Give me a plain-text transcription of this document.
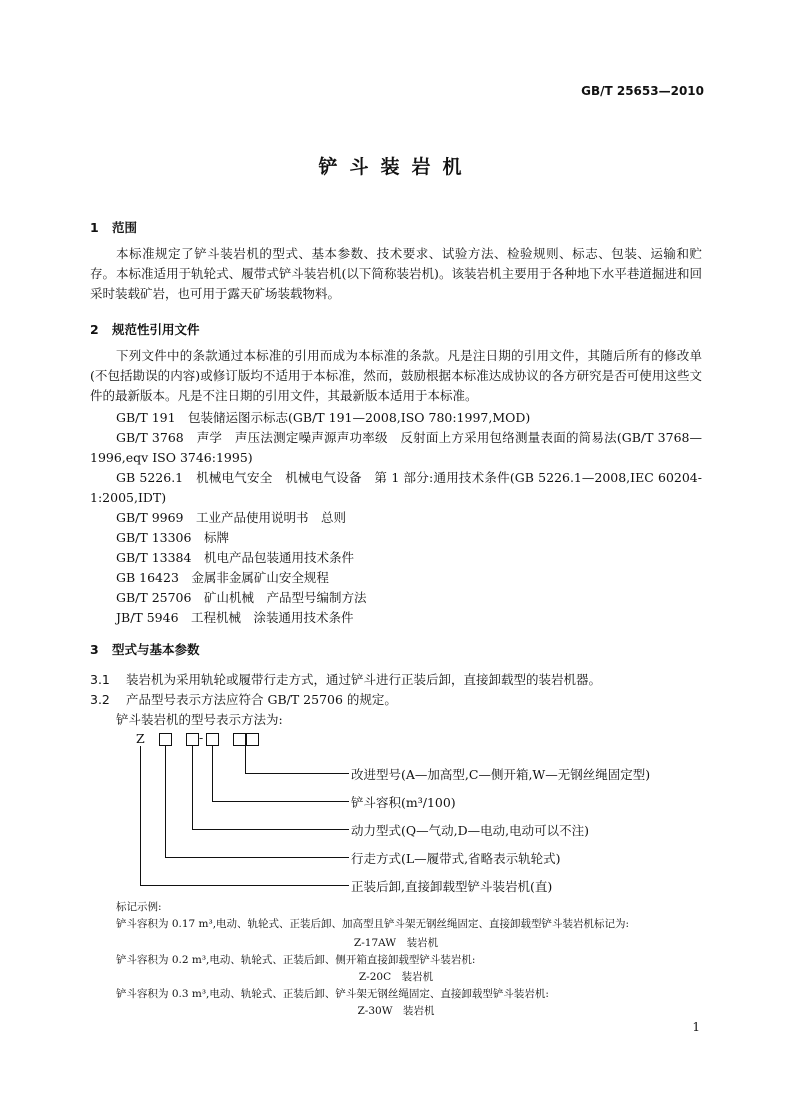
GB/T 25653—2010
铲斗装岩机
1 范围
本标准规定了铲斗装岩机的型式、基本参数、技术要求、试验方法、检验规则、标志、包装、运输和贮存。 本标准适用于轨轮式、履带式铲斗装岩机(以下简称装岩机)。该装岩机主要用于各种地下水平巷道掘进和回采时装载矿岩，也可用于露天矿场装载物料。
2 规范性引用文件
下列文件中的条款通过本标准的引用而成为本标准的条款。凡是注日期的引用文件，其随后所有的修改单(不包括勘误的内容)或修订版均不适用于本标准，然而，鼓励根据本标准达成协议的各方研究是否可使用这些文件的最新版本。凡是不注日期的引用文件，其最新版本适用于本标准。
GB/T 191　包装储运图示标志(GB/T 191—2008,ISO 780:1997,MOD)
GB/T 3768　声学　声压法测定噪声源声功率级　反射面上方采用包络测量表面的简易法(GB/T 3768—1996,eqv ISO 3746:1995)
GB 5226.1　机械电气安全　机械电气设备　第 1 部分:通用技术条件(GB 5226.1—2008,IEC 60204-1:2005,IDT)
GB/T 9969　工业产品使用说明书　总则
GB/T 13306　标牌
GB/T 13384　机电产品包装通用技术条件
GB 16423　金属非金属矿山安全规程
GB/T 25706　矿山机械　产品型号编制方法
JB/T 5946　工程机械　涂装通用技术条件
3 型式与基本参数
3.1 装岩机为采用轨轮或履带行走方式，通过铲斗进行正装后卸，直接卸载型的装岩机器。
3.2 产品型号表示方法应符合 GB/T 25706 的规定。
铲斗装岩机的型号表示方法为:
Z	-
改进型号(A—加高型,C—侧开箱,W—无钢丝绳固定型)
铲斗容积(m³/100)
动力型式(Q—气动,D—电动,电动可以不注)
行走方式(L—履带式,省略表示轨轮式)
正装后卸,直接卸载型铲斗装岩机(直)
标记示例:
铲斗容积为 0.17 m³,电动、轨轮式、正装后卸、加高型且铲斗架无钢丝绳固定、直接卸载型铲斗装岩机标记为:
Z-17AW　装岩机
铲斗容积为 0.2 m³,电动、轨轮式、正装后卸、侧开箱直接卸载型铲斗装岩机:
Z-20C　装岩机
铲斗容积为 0.3 m³,电动、轨轮式、正装后卸、铲斗架无钢丝绳固定、直接卸载型铲斗装岩机:
Z-30W　装岩机
1
